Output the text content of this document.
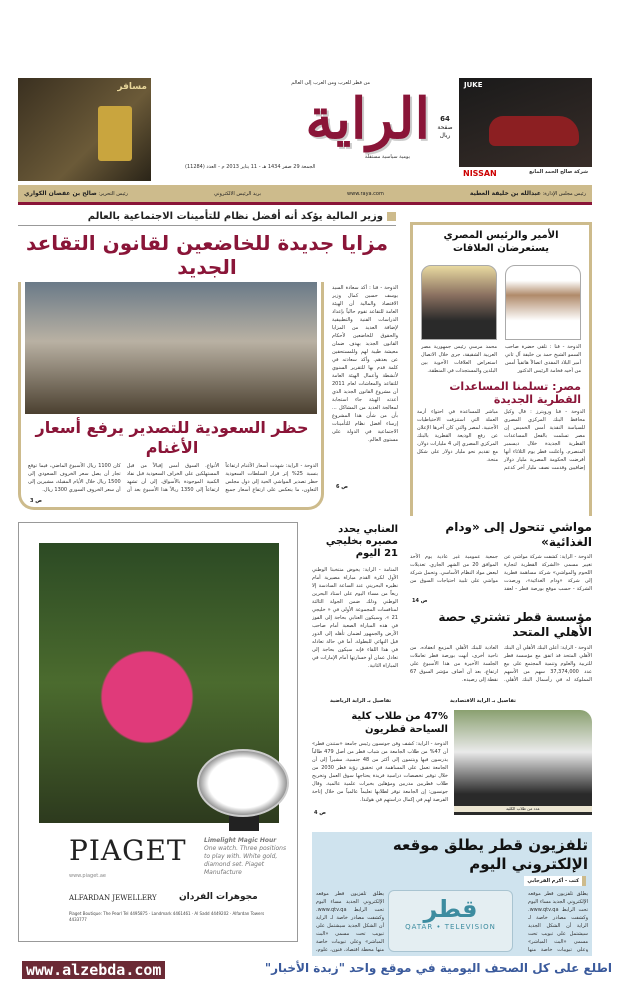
مسافر	من قطر للعرب ومن العرب إلى العالم
الراية
يومية سياسية مستقلة
الجمعة 29 صفر 1434 هـ - 11 يناير 2013 م - العدد (11284)
64
صفحة
ريال
JUKE
NISSAN	شركة صالح الحمد المانع
رئيس مجلس الإدارة: عبدالله بن خليفة العطية
www.raya.com
بريد الرئيس الالكتروني
رئيس التحرير: صالح بن عفصان الكواري
وزير المالية يؤكد أنه أفضل نظام للتأمينات الاجتماعية بالعالم
مزايا جديدة للخاضعين لقانون التقاعد الجديد
الدوحة - قنا : أكد سعادة السيد يوسف حسين كمال وزير الاقتصاد والمالية أن الهيئة العامة للتقاعد تقوم حالياً بإعداد الدراسات الفنية والتطبيقية لإضافة العديد من المزايا والحقوق للخاضعين لأحكام القانون الجديد بهدف ضمان معيشة طيبة لهم وللمستحقين عن بعدهم. وأكد سعادته في كلمة قدم بها للتقرير السنوي لأنشطة وأعمال الهيئة العامة للتقاعد والمعاشات لعام 2011 أن مشروع القانون الجديد الذي أعدته الهيئة جاء استجابة لمعالجة العديد من المشاكل ... بأن من شأن هذا المشروع إرساء أفضل نظام للتأمينات الاجتماعية في الدولة على مستوى العالم.
ص 6
حظر السعودية للتصدير يرفع أسعار الأغنام
الدوحة - الراية: شهدت أسعار الأغنام ارتفاعاً بنسبة 25% إثر قرار السلطات السعودية حظر تصدير المواشي الحية إلى دول مجلس التعاون، ما ينعكس على ارتفاع أسعار جميع الأنواع. السوق أمس إقبالاً من قبل المستهلكين على الخراف السعودية قبل نفاد الكمية الموجودة بالأسواق. إلى أن تشهد ارتفاعاً إلى 1350 ريالاً هذا الأسبوع بعد أن كان 1100 ريال الأسبوع الماضي، فيما توقع تجار أن يصل سعر الخروف السعودي إلى 1500 ريال خلال الأيام المقبلة، مشيرين إلى أن سعر الخروف السوري 1300 ريال.
ص 3
الأمير والرئيس المصري يستعرضان العلاقات
الدوحة - قنا : تلقى حضرة صاحب السمو الشيخ حمد بن خليفة آل ثاني أمير البلاد المفدى اتصالاً هاتفياً أمس من أخيه فخامة الرئيس الدكتور
محمد مرسي رئيس جمهورية مصر العربية الشقيقة، جرى خلال الاتصال استعراض العلاقات الأخوية بين البلدين والمستجدات في المنطقة.
مصر: تسلمنا المساعدات القطرية الجديدة
الدوحة - قنا ورويترز : قال وكيل محافظ البنك المركزي المصري للسياسة النقدية أمس الخميس إن مصر تسلمت بالفعل المساعدات القطرية الجديدة خلال ديسمبر المنصرم. وأعلنت قطر يوم الثلاثاء أنها أقرضت الحكومة المصرية مليار دولار إضافيين وقدمت نصف مليار آخر كدعم مباشر للمساعدة في احتواء أزمة العملة التي استنزفت الاحتياطيات الأجنبية. لمصر والتي كان آخرها الإعلان عن رفع الوديعة القطرية بالبنك المركزي المصري إلى 4 مليارات دولار، مع تقديم نحو مليار دولار على شكل منحة.
PIAGET	Limelight Magic Hour
One watch. Three positions to play with. White gold, diamond set. Piaget Manufacture
www.piaget.ae
ALFARDAN JEWELLERY مجوهرات الفردان
Piaget Boutique: The Pearl Tel 4495875 · Landmark 4461461 · Al Sadd 4449202 · Alfardan Towers 4433777
العنابي يحدد مصيره بخليجي 21 اليوم
المنامة - الراية: يخوض منتخبنا الوطني الأول لكرة القدم مباراة مصيرية أمام نظيره البحريني عند الساعة السادسة إلا ربعاً من مساء اليوم على استاد البحرين الوطني وذلك ضمن الجولة الثالثة لمنافسات المجموعة الأولى في « خليجي 21 ». وسيكون العنابي بحاجة إلى الفوز في هذه المباراة الصعبة أمام صاحب الأرض والجمهور لضمان تأهله إلى الدور قبل النهائي للبطولة. أما في حالة تعادله في هذا اللقاء فإنه سيكون بحاجة إلى تعادل عمان أو خسارتها أمام الإمارات في المباراة الثانية.
تفاصيل بـ الراية الرياضية
مواشي تتحول إلى «ودام الغذائية»
الدوحة - الراية: كشفت شركة مواشي عن تغيير مسمى «الشركة القطرية لتجارة اللحوم والمواشي» شركة مساهمة قطرية إلى شركة «ودام الغذائية»، ورصدت الشركة - حسب موقع بورصة قطر - لعقد جمعية عمومية غير عادية يوم الأحد الموافق 20 من الشهر الجاري. تعديلات لبعض مواد النظام الأساسي. وتحمل شركة مواشي على تلبية احتياجات السوق من
ص 14
مؤسسة قطر تشتري حصة الأهلي المتحد
الدوحة - الراية: أعلن البنك الأهلي أن البنك الأهلي المتحد قد اتفق مع مؤسسة قطر للتربية والعلوم وتنمية المجتمع على بيع عدد 37,374,000 سهم من الأسهم المملوكة له في رأسمال البنك الأهلي. العادية للبنك الأهلي المزمع انعقاده. من ناحية أخرى، أنهت بورصة قطر تعاملات الجلسة الأخيرة من هذا الأسبوع على ارتفاع، بعد أن أضاف مؤشر السوق 67 نقطة إلى رصيده.
تفاصيل بـ الراية الاقتصادية
عدد من طلاب الكلية
47% من طلاب كلية السياحة قطريون
الدوحة - الراية: كشف وفن جونسون رئيس جامعة «ستندن قطر» أن 47% من طلاب الجامعة من شباب قطر من أصل 479 طالباً يدرسون فيها ويتنمون إلى أكثر من 48 جنسية، مشيراً إلى أن الجامعة تعمل على المساهمة في تحقيق رؤية قطر 2030 من خلال توفير تخصصات دراسية فريدة يحتاجها سوق العمل وتخريج طلاب قطريين مدربين ومؤهلين بخبرات علمية عالمية. وقال جونسون: إن الجامعة توفر لطلابها تعليماً عالمياً من خلال إتاحة الفرصة لهم في إكمال دراستهم في هولندا.
ص 4
تلفزيون قطر يطلق موقعه الإلكتروني اليوم
كتب - أكرم الفرجابي
قطر
QATAR • TELEVISION
يطلق تلفزيون قطر موقعه الإلكتروني الجديد مساء اليوم تحت الرابط www.qtv.qa. وكشفت مصادر خاصة لـ الراية أن الشكل الجديد سيشتمل على تبويب تحت مسمى «البث المباشر» وعلى تبويبات خاصة منها
يطلق تلفزيون قطر موقعه الإلكتروني الجديد مساء اليوم تحت الرابط www.qtv.qa. وكشفت مصادر خاصة لـ الراية أن الشكل الجديد سيشتمل على تبويب تحت مسمى «البث المباشر» وعلى تبويبات خاصة منها محطة اقتصاد، فنون، علوم،
www.alzebda.com	اطلع على كل الصحف اليومية في موقع واحد "زبدة الأخبار"
